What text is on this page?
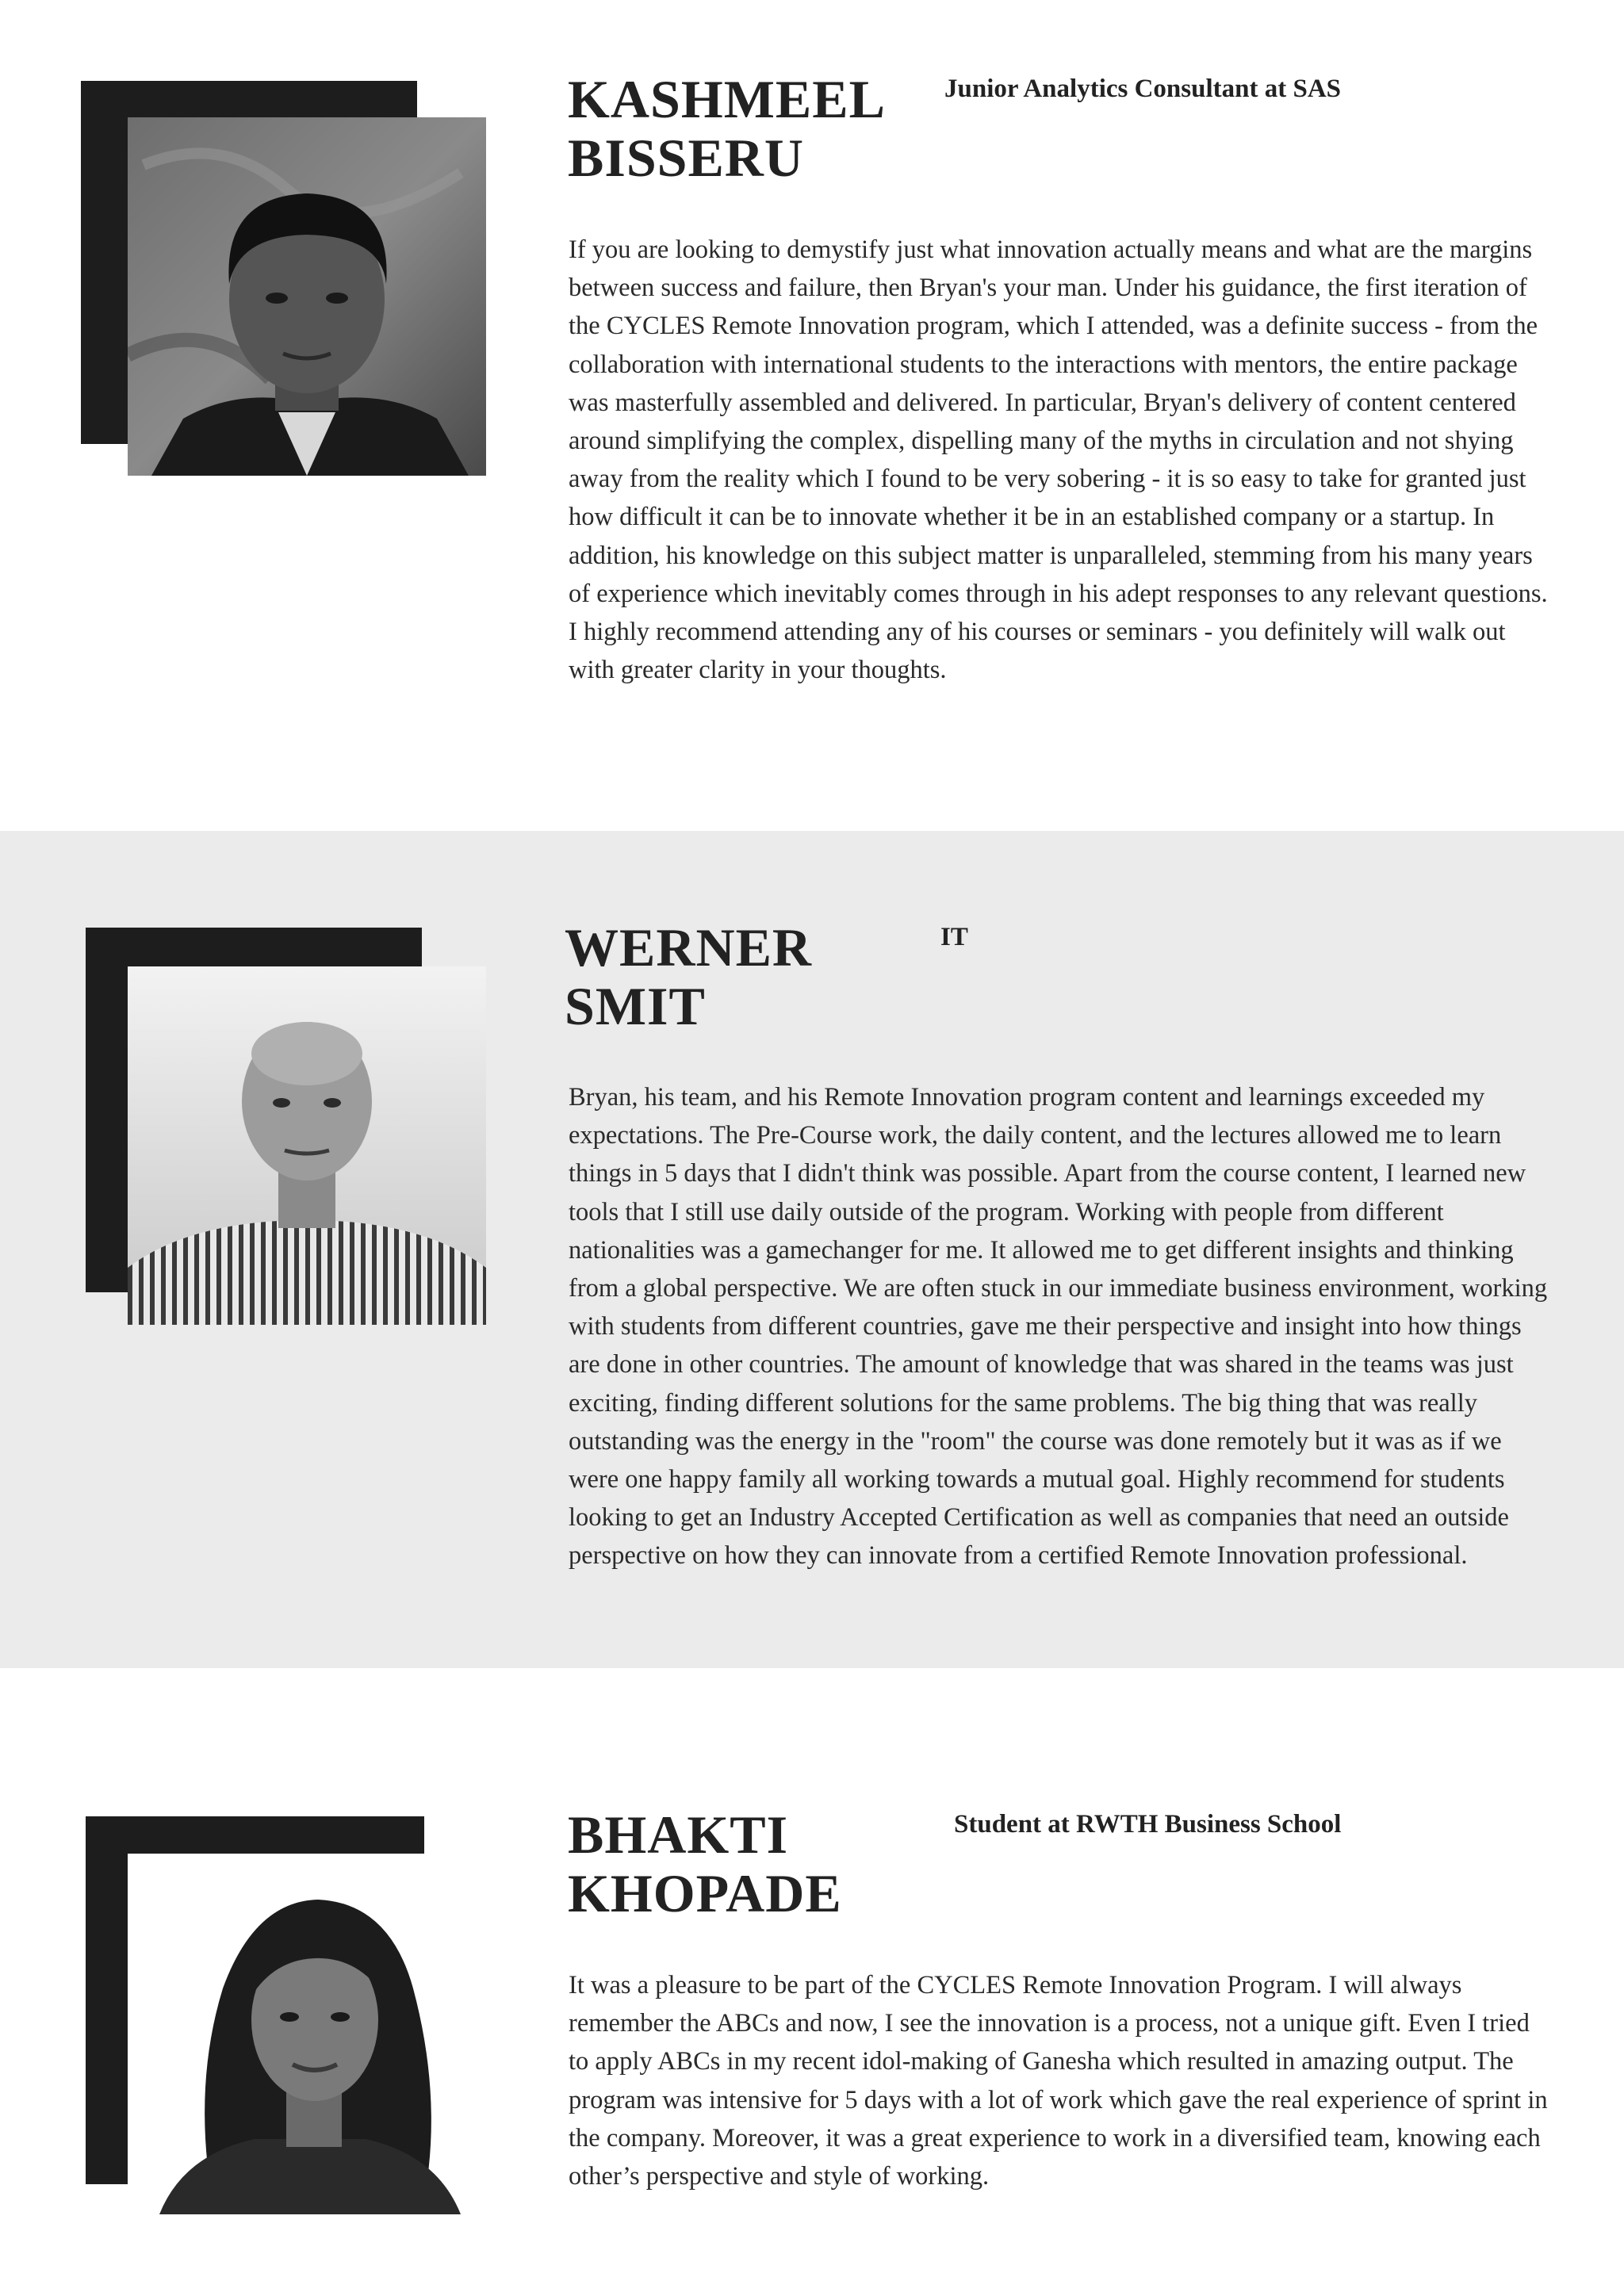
KASHMEEL
BISSERU
Junior Analytics Consultant at SAS

If you are looking to demystify just what innovation actually means and what are the margins between success and failure, then Bryan's your man. Under his guidance, the first iteration of the CYCLES Remote Innovation program, which I attended, was a definite success - from the collaboration with international students to the interactions with mentors, the entire package was masterfully assembled and delivered. In particular, Bryan's delivery of content centered around simplifying the complex, dispelling many of the myths in circulation and not shying away from the reality which I found to be very sobering - it is so easy to take for granted just how difficult it can be to innovate whether it be in an established company or a startup. In addition, his knowledge on this subject matter is unparalleled, stemming from his many years of experience which inevitably comes through in his adept responses to any relevant questions. I highly recommend attending any of his courses or seminars - you definitely will walk out with greater clarity in your thoughts.

WERNER
SMIT
IT

Bryan, his team, and his Remote Innovation program content and learnings exceeded my expectations. The Pre-Course work, the daily content, and the lectures allowed me to learn things in 5 days that I didn't think was possible. Apart from the course content, I learned new tools that I still use daily outside of the program. Working with people from different nationalities was a gamechanger for me. It allowed me to get different insights and thinking from a global perspective. We are often stuck in our immediate business environment, working with students from different countries, gave me their perspective and insight into how things are done in other countries. The amount of knowledge that was shared in the teams was just exciting, finding different solutions for the same problems. The big thing that was really outstanding was the energy in the "room" the course was done remotely but it was as if we were one happy family all working towards a mutual goal. Highly recommend for students looking to get an Industry Accepted Certification as well as companies that need an outside perspective on how they can innovate from a certified Remote Innovation professional.

BHAKTI
KHOPADE
Student at RWTH Business School

It was a pleasure to be part of the CYCLES Remote Innovation Program. I will always remember the ABCs and now, I see the innovation is a process, not a unique gift. Even I tried to apply ABCs in my recent idol-making of Ganesha which resulted in amazing output. The program was intensive for 5 days with a lot of work which gave the real experience of sprint in the company. Moreover, it was a great experience to work in a diversified team, knowing each other’s perspective and style of working.
